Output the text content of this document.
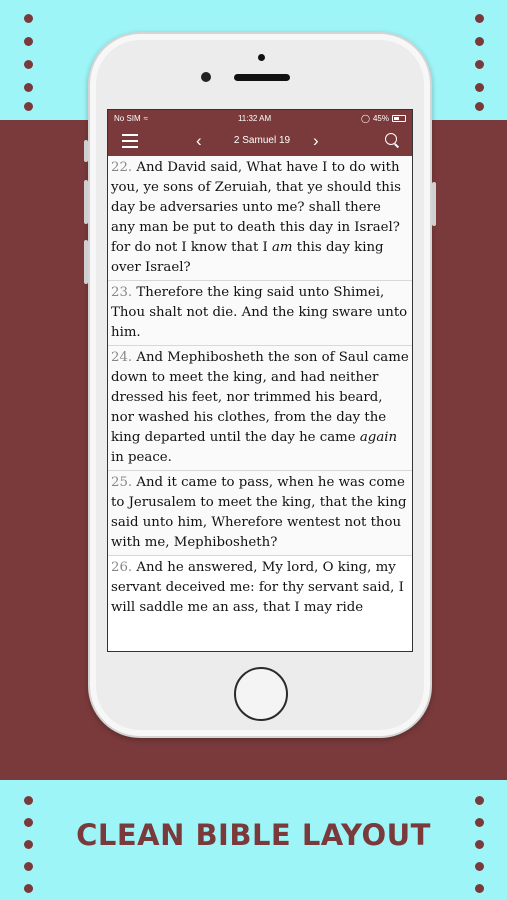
No SIM ≈	11:32 AM	◯ 45%
‹	2 Samuel 19	›
22. And David said, What have I to do with you, ye sons of Zeruiah, that ye should this day be adversaries unto me? shall there any man be put to death this day in Israel? for do not I know that I am this day king over Israel?
23. Therefore the king said unto Shimei, Thou shalt not die. And the king sware unto him.
24. And Mephibosheth the son of Saul came down to meet the king, and had neither dressed his feet, nor trimmed his beard, nor washed his clothes, from the day the king departed until the day he came again in peace.
25. And it came to pass, when he was come to Jerusalem to meet the king, that the king said unto him, Wherefore wentest not thou with me, Mephibosheth?
26. And he answered, My lord, O king, my servant deceived me: for thy servant said, I will saddle me an ass, that I may ride
CLEAN BIBLE LAYOUT
